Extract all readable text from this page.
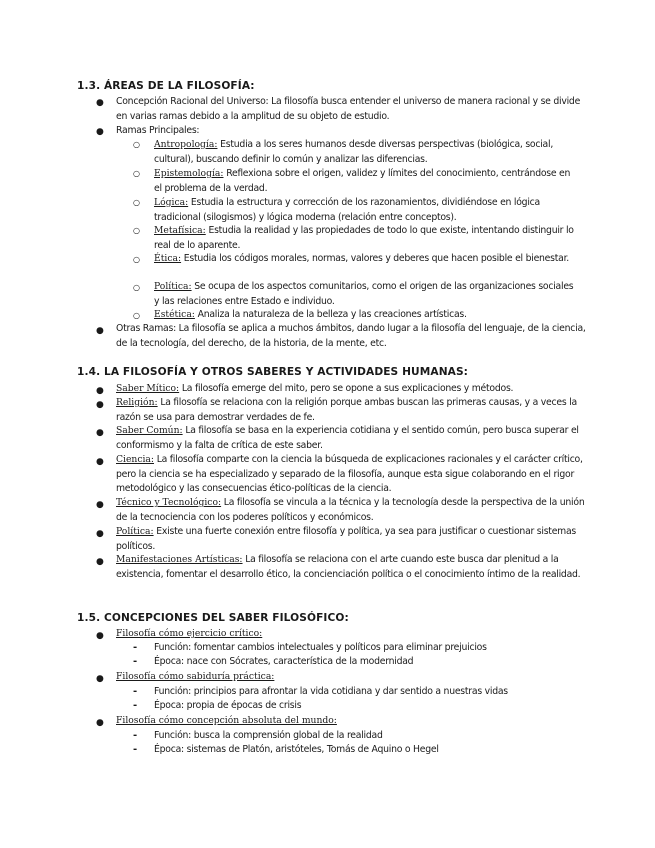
1.3. ÁREAS DE LA FILOSOFÍA:
● Concepción Racional del Universo: La filosofía busca entender el universo de manera racional y se divide en varias ramas debido a la amplitud de su objeto de estudio.
● Ramas Principales:
○ Antropología: Estudia a los seres humanos desde diversas perspectivas (biológica, social, cultural), buscando definir lo común y analizar las diferencias.
○ Epistemología: Reflexiona sobre el origen, validez y límites del conocimiento, centrándose en el problema de la verdad.
○ Lógica: Estudia la estructura y corrección de los razonamientos, dividiéndose en lógica tradicional (silogismos) y lógica moderna (relación entre conceptos).
○ Metafísica: Estudia la realidad y las propiedades de todo lo que existe, intentando distinguir lo real de lo aparente.
○ Ética: Estudia los códigos morales, normas, valores y deberes que hacen posible el bienestar.
○ Política: Se ocupa de los aspectos comunitarios, como el origen de las organizaciones sociales y las relaciones entre Estado e individuo.
○ Estética: Analiza la naturaleza de la belleza y las creaciones artísticas.
● Otras Ramas: La filosofía se aplica a muchos ámbitos, dando lugar a la filosofía del lenguaje, de la ciencia, de la tecnología, del derecho, de la historia, de la mente, etc.
1.4. LA FILOSOFÍA Y OTROS SABERES Y ACTIVIDADES HUMANAS:
● Saber Mítico: La filosofía emerge del mito, pero se opone a sus explicaciones y métodos.
● Religión: La filosofía se relaciona con la religión porque ambas buscan las primeras causas, y a veces la razón se usa para demostrar verdades de fe.
● Saber Común: La filosofía se basa en la experiencia cotidiana y el sentido común, pero busca superar el conformismo y la falta de crítica de este saber.
● Ciencia: La filosofía comparte con la ciencia la búsqueda de explicaciones racionales y el carácter crítico, pero la ciencia se ha especializado y separado de la filosofía, aunque esta sigue colaborando en el rigor metodológico y las consecuencias ético-políticas de la ciencia.
● Técnico y Tecnológico: La filosofía se vincula a la técnica y la tecnología desde la perspectiva de la unión de la tecnociencia con los poderes políticos y económicos.
● Política: Existe una fuerte conexión entre filosofía y política, ya sea para justificar o cuestionar sistemas políticos.
● Manifestaciones Artísticas: La filosofía se relaciona con el arte cuando este busca dar plenitud a la existencia, fomentar el desarrollo ético, la concienciación política o el conocimiento íntimo de la realidad.
1.5. CONCEPCIONES DEL SABER FILOSÓFICO:
● Filosofía cómo ejercicio crítico:
- Función: fomentar cambios intelectuales y políticos para eliminar prejuicios
- Época: nace con Sócrates, característica de la modernidad
● Filosofía cómo sabiduría práctica:
- Función: principios para afrontar la vida cotidiana y dar sentido a nuestras vidas
- Época: propia de épocas de crisis
● Filosofía cómo concepción absoluta del mundo:
- Función: busca la comprensión global de la realidad
- Época: sistemas de Platón, aristóteles, Tomás de Aquino o Hegel
